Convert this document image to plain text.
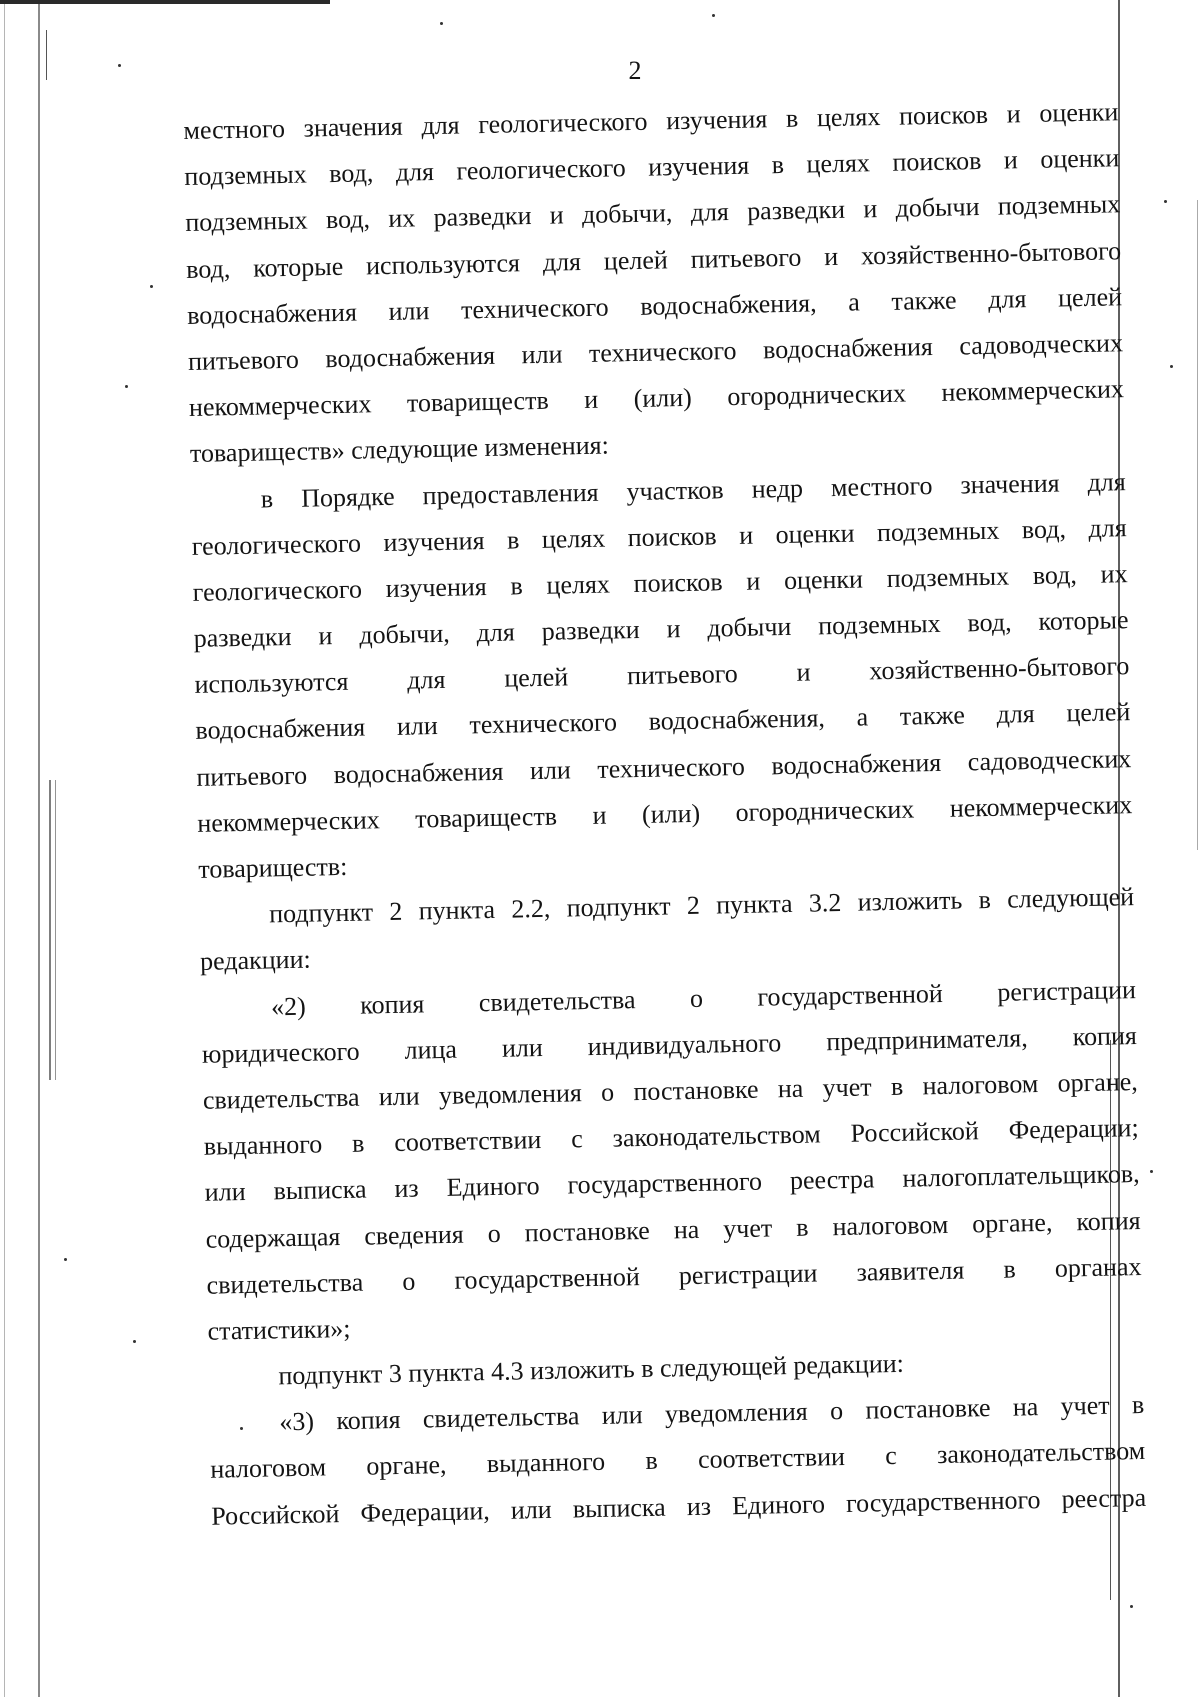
2
местного значения для геологического изучения в целях поисков и оценки
подземных вод, для геологического изучения в целях поисков и оценки
подземных вод, их разведки и добычи, для разведки и добычи подземных
вод, которые используются для целей питьевого и хозяйственно-бытового
водоснабжения или технического водоснабжения, а также для целей
питьевого водоснабжения или технического водоснабжения садоводческих
некоммерческих товариществ и (или) огороднических некоммерческих
товариществ» следующие изменения:
в Порядке предоставления участков недр местного значения для
геологического изучения в целях поисков и оценки подземных вод, для
геологического изучения в целях поисков и оценки подземных вод, их
разведки и добычи, для разведки и добычи подземных вод, которые
используются для целей питьевого и хозяйственно-бытового
водоснабжения или технического водоснабжения, а также для целей
питьевого водоснабжения или технического водоснабжения садоводческих
некоммерческих товариществ и (или) огороднических некоммерческих
товариществ:
подпункт 2 пункта 2.2, подпункт 2 пункта 3.2 изложить в следующей
редакции:
«2) копия свидетельства о государственной регистрации
юридического лица или индивидуального предпринимателя, копия
свидетельства или уведомления о постановке на учет в налоговом органе,
выданного в соответствии с законодательством Российской Федерации;
или выписка из Единого государственного реестра налогоплательщиков,
содержащая сведения о постановке на учет в налоговом органе, копия
свидетельства о государственной регистрации заявителя в органах
статистики»;
подпункт 3 пункта 4.3 изложить в следующей редакции:
«3) копия свидетельства или уведомления о постановке на учет в
налоговом органе, выданного в соответствии с законодательством
Российской Федерации, или выписка из Единого государственного реестра
